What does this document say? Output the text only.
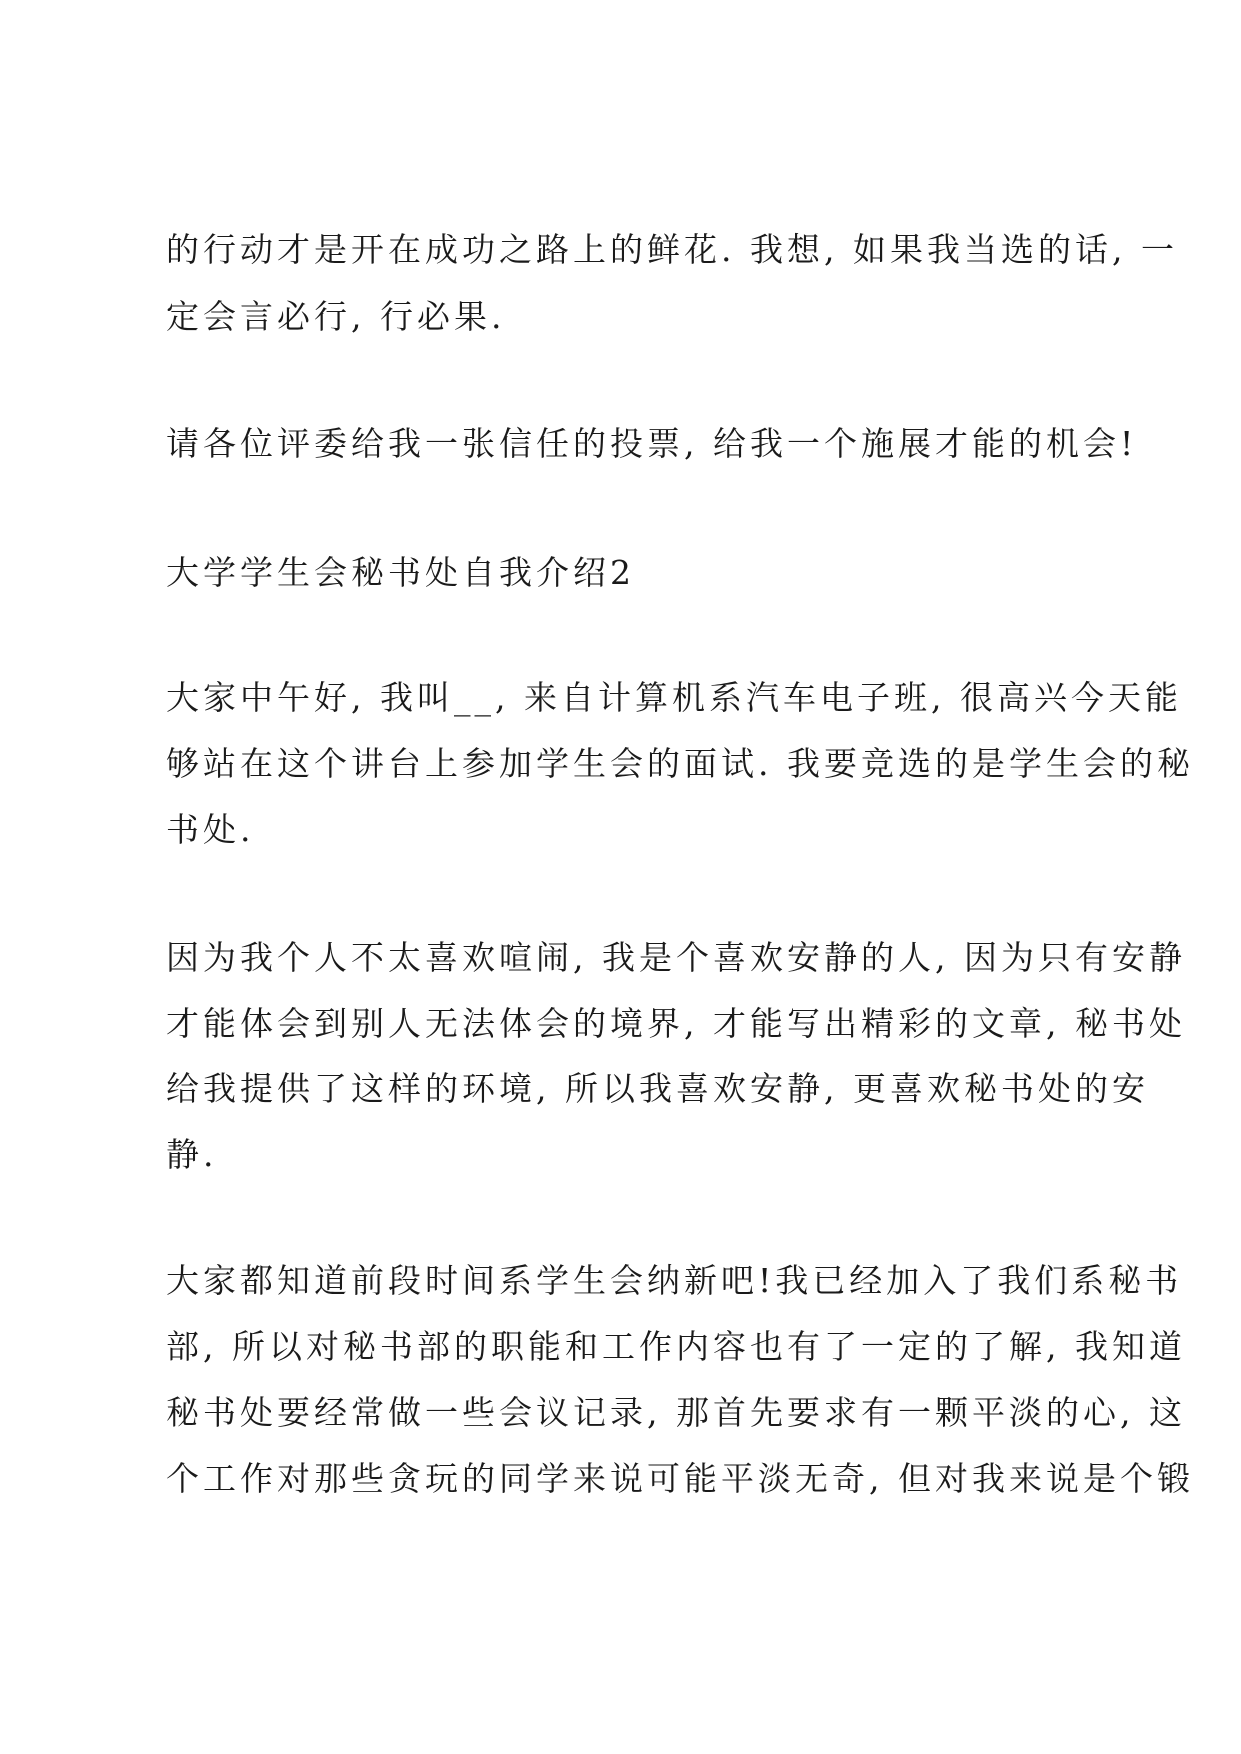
的行动才是开在成功之路上的鲜花. 我想, 如果我当选的话, 一

定会言必行, 行必果.

请各位评委给我一张信任的投票, 给我一个施展才能的机会!

大学学生会秘书处自我介绍2

大家中午好, 我叫__, 来自计算机系汽车电子班, 很高兴今天能

够站在这个讲台上参加学生会的面试. 我要竞选的是学生会的秘

书处.

因为我个人不太喜欢喧闹, 我是个喜欢安静的人, 因为只有安静

才能体会到别人无法体会的境界, 才能写出精彩的文章, 秘书处

给我提供了这样的环境, 所以我喜欢安静, 更喜欢秘书处的安

静.

大家都知道前段时间系学生会纳新吧!我已经加入了我们系秘书

部, 所以对秘书部的职能和工作内容也有了一定的了解, 我知道

秘书处要经常做一些会议记录, 那首先要求有一颗平淡的心, 这

个工作对那些贪玩的同学来说可能平淡无奇, 但对我来说是个锻
